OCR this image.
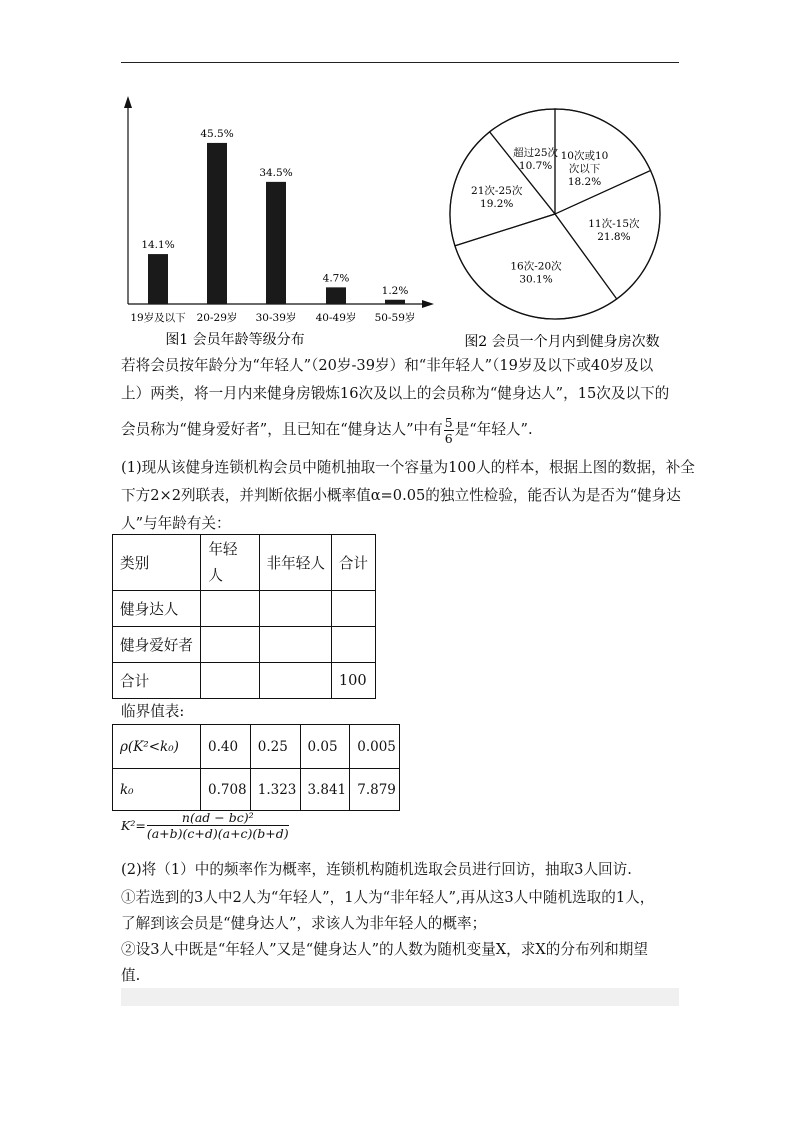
14.1%
19岁及以下
45.5%
20-29岁
34.5%
30-39岁
4.7%
40-49岁
1.2%
50-59岁
图1 会员年龄等级分布
10次或10
次以下
18.2%
11次-15次
21.8%
16次-20次
30.1%
21次-25次
19.2%
超过25次
10.7%
图2 会员一个月内到健身房次数
若将会员按年龄分为“年轻人”（20岁-39岁）和“非年轻人”（19岁及以下或40岁及以
上）两类，将一月内来健身房锻炼16次及以上的会员称为“健身达人”，15次及以下的
会员称为“健身爱好者”，且已知在“健身达人”中有 $\frac{5}{6}$ 是“年轻人”.
(1)现从该健身连锁机构会员中随机抽取一个容量为100人的样本，根据上图的数据，补全
下方2×2列联表，并判断依据小概率值α=0.05的独立性检验，能否认为是否为“健身达
人”与年龄有关：
类别	年轻
人	非年轻人	合计
健身达人			
健身爱好者			
合计			100
临界值表:
ρ(K²<k₀)	0.40	0.25	0.05	0.005
k₀	0.708	1.323	3.841	7.879
$K^2= \frac{\text{n(ad − bc)²}}{(a+b)(c+d)(a+c)(b+d)}$
(2)将（1）中的频率作为概率，连锁机构随机选取会员进行回访，抽取3人回访.
①若选到的3人中2人为“年轻人”，1人为“非年轻人”,再从这3人中随机选取的1人，
了解到该会员是“健身达人”，求该人为非年轻人的概率；
②设3人中既是“年轻人”又是“健身达人”的人数为随机变量X，求X的分布列和期望
值.
